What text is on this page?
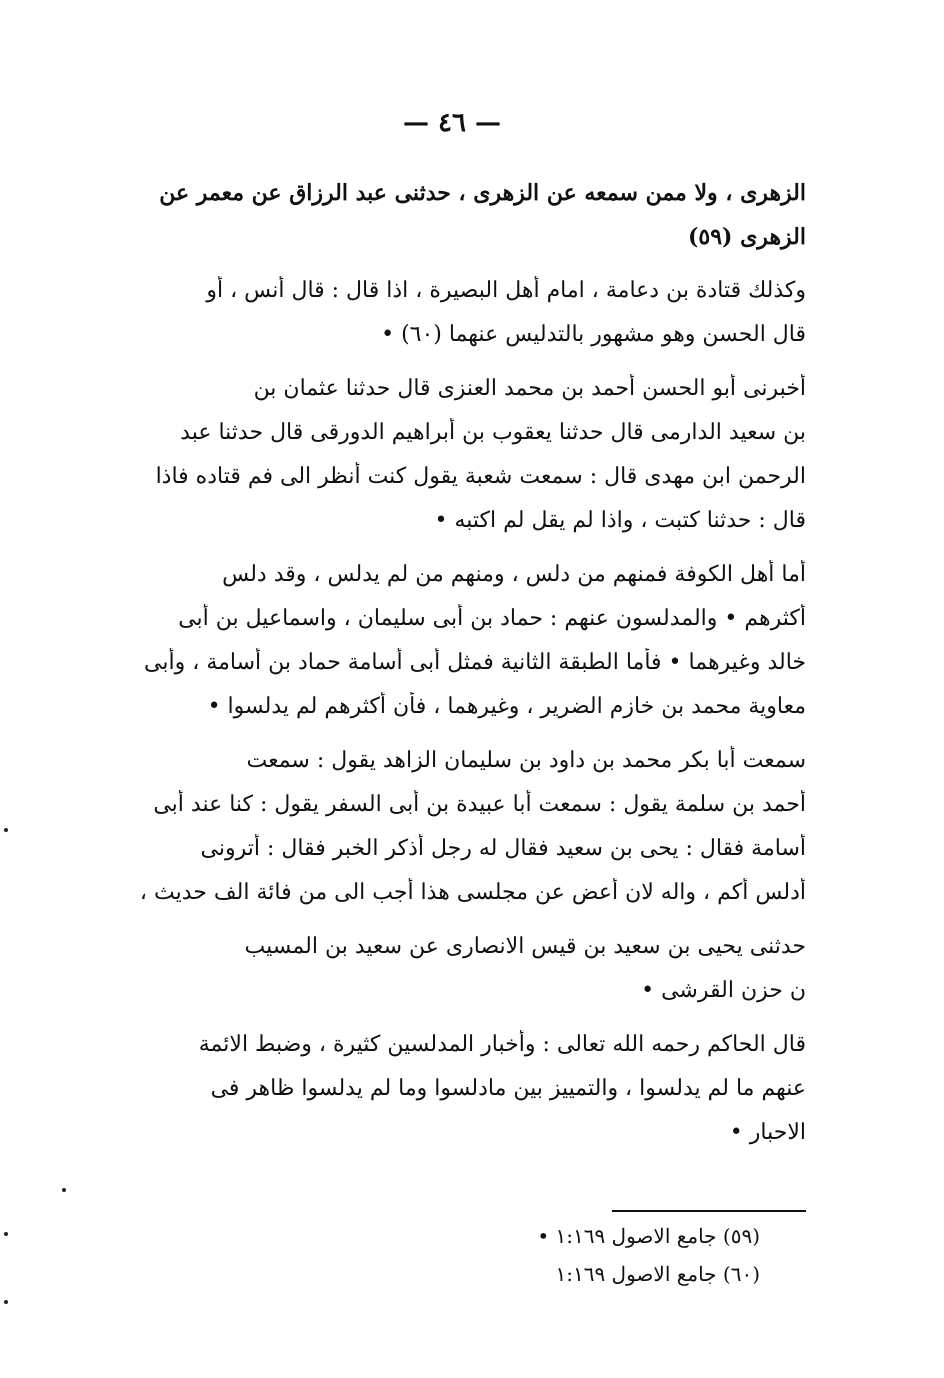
— ٤٦ —
الزهرى ، ولا ممن سمعه عن الزهرى ، حدثنى عبد الرزاق عن معمر عن
الزهرى (٥٩)
وكذلك قتادة بن دعامة ، امام أهل البصيرة ، اذا قال : قال أنس ، أو
قال الحسن وهو مشهور بالتدليس عنهما (٦٠) •
أخبرنى أبو الحسن أحمد بن محمد العنزى قال حدثنا عثمان بن
بن سعيد الدارمى قال حدثنا يعقوب بن أبراهيم الدورقى قال حدثنا عبد
الرحمن ابن مهدى قال : سمعت شعبة يقول كنت أنظر الى فم قتاده فاذا
قال : حدثنا كتبت ، واذا لم يقل لم اكتبه •
أما أهل الكوفة فمنهم من دلس ، ومنهم من لم يدلس ، وقد دلس
أكثرهم • والمدلسون عنهم : حماد بن أبى سليمان ، واسماعيل بن أبى
خالد وغيرهما • فأما الطبقة الثانية فمثل أبى أسامة حماد بن أسامة ، وأبى
معاوية محمد بن خازم الضرير ، وغيرهما ، فأن أكثرهم لم يدلسوا •
سمعت أبا بكر محمد بن داود بن سليمان الزاهد يقول : سمعت
أحمد بن سلمة يقول : سمعت أبا عبيدة بن أبى السفر يقول : كنا عند أبى
أسامة فقال : يحى بن سعيد فقال له رجل أذكر الخبر فقال : أترونى
أدلس أكم ، واله لان أعض عن مجلسى هذا أجب الى من فائة الف حديث ،
حدثنى يحيى بن سعيد بن قيس الانصارى عن سعيد بن المسيب
ن حزن القرشى •
قال الحاكم رحمه الله تعالى : وأخبار المدلسين كثيرة ، وضبط الائمة
عنهم ما لم يدلسوا ، والتمييز بين مادلسوا وما لم يدلسوا ظاهر فى
الاحبار •
(٥٩) جامع الاصول ١:١٦٩ •
(٦٠) جامع الاصول ١:١٦٩
